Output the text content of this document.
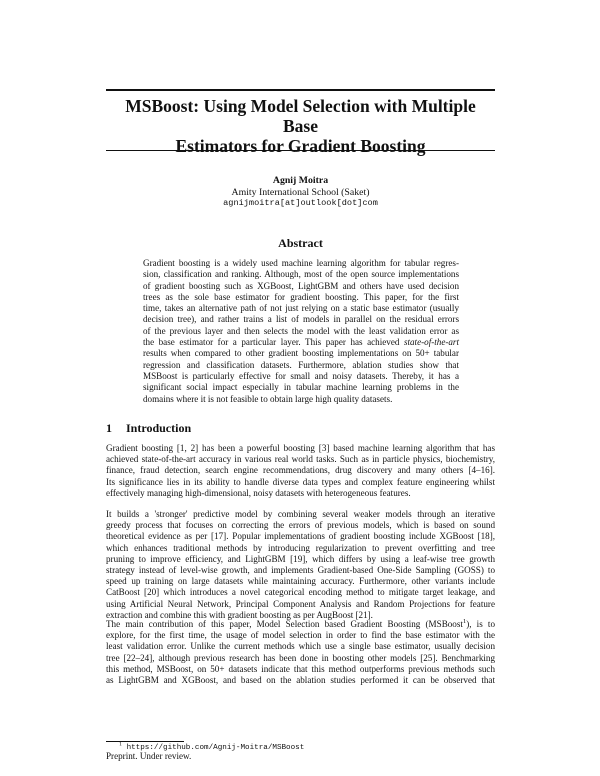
MSBoost: Using Model Selection with Multiple Base
Estimators for Gradient Boosting
Agnij Moitra
Amity International School (Saket)
agnijmoitra[at]outlook[dot]com
Abstract
Gradient boosting is a widely used machine learning algorithm for tabular regres-
sion, classification and ranking. Although, most of the open source implementations
of gradient boosting such as XGBoost, LightGBM and others have used decision
trees as the sole base estimator for gradient boosting. This paper, for the first
time, takes an alternative path of not just relying on a static base estimator (usually
decision tree), and rather trains a list of models in parallel on the residual errors
of the previous layer and then selects the model with the least validation error as
the base estimator for a particular layer. This paper has achieved state-of-the-art
results when compared to other gradient boosting implementations on 50+ tabular
regression and classification datasets. Furthermore, ablation studies show that
MSBoost is particularly effective for small and noisy datasets. Thereby, it has a
significant social impact especially in tabular machine learning problems in the
domains where it is not feasible to obtain large high quality datasets.
1 Introduction
Gradient boosting [1, 2] has been a powerful boosting [3] based machine learning algorithm that has
achieved state-of-the-art accuracy in various real world tasks. Such as in particle physics, biochemistry,
finance, fraud detection, search engine recommendations, drug discovery and many others [4–16].
Its significance lies in its ability to handle diverse data types and complex feature engineering whilst
effectively managing high-dimensional, noisy datasets with heterogeneous features.
It builds a 'stronger' predictive model by combining several weaker models through an iterative
greedy process that focuses on correcting the errors of previous models, which is based on sound
theoretical evidence as per [17]. Popular implementations of gradient boosting include XGBoost [18],
which enhances traditional methods by introducing regularization to prevent overfitting and tree
pruning to improve efficiency, and LightGBM [19], which differs by using a leaf-wise tree growth
strategy instead of level-wise growth, and implements Gradient-based One-Side Sampling (GOSS) to
speed up training on large datasets while maintaining accuracy. Furthermore, other variants include
CatBoost [20] which introduces a novel categorical encoding method to mitigate target leakage, and
using Artificial Neural Network, Principal Component Analysis and Random Projections for feature
extraction and combine this with gradient boosting as per AugBoost [21].
The main contribution of this paper, Model Selection based Gradient Boosting (MSBoost$^1$), is to
explore, for the first time, the usage of model selection in order to find the base estimator with the
least validation error. Unlike the current methods which use a single base estimator, usually decision
tree [22–24], although previous research has been done in boosting other models [25]. Benchmarking
this method, MSBoost, on 50+ datasets indicate that this method outperforms previous methods such
as LightGBM and XGBoost, and based on the ablation studies performed it can be observed that
$^1$ https://github.com/Agnij-Moitra/MSBoost
Preprint. Under review.
